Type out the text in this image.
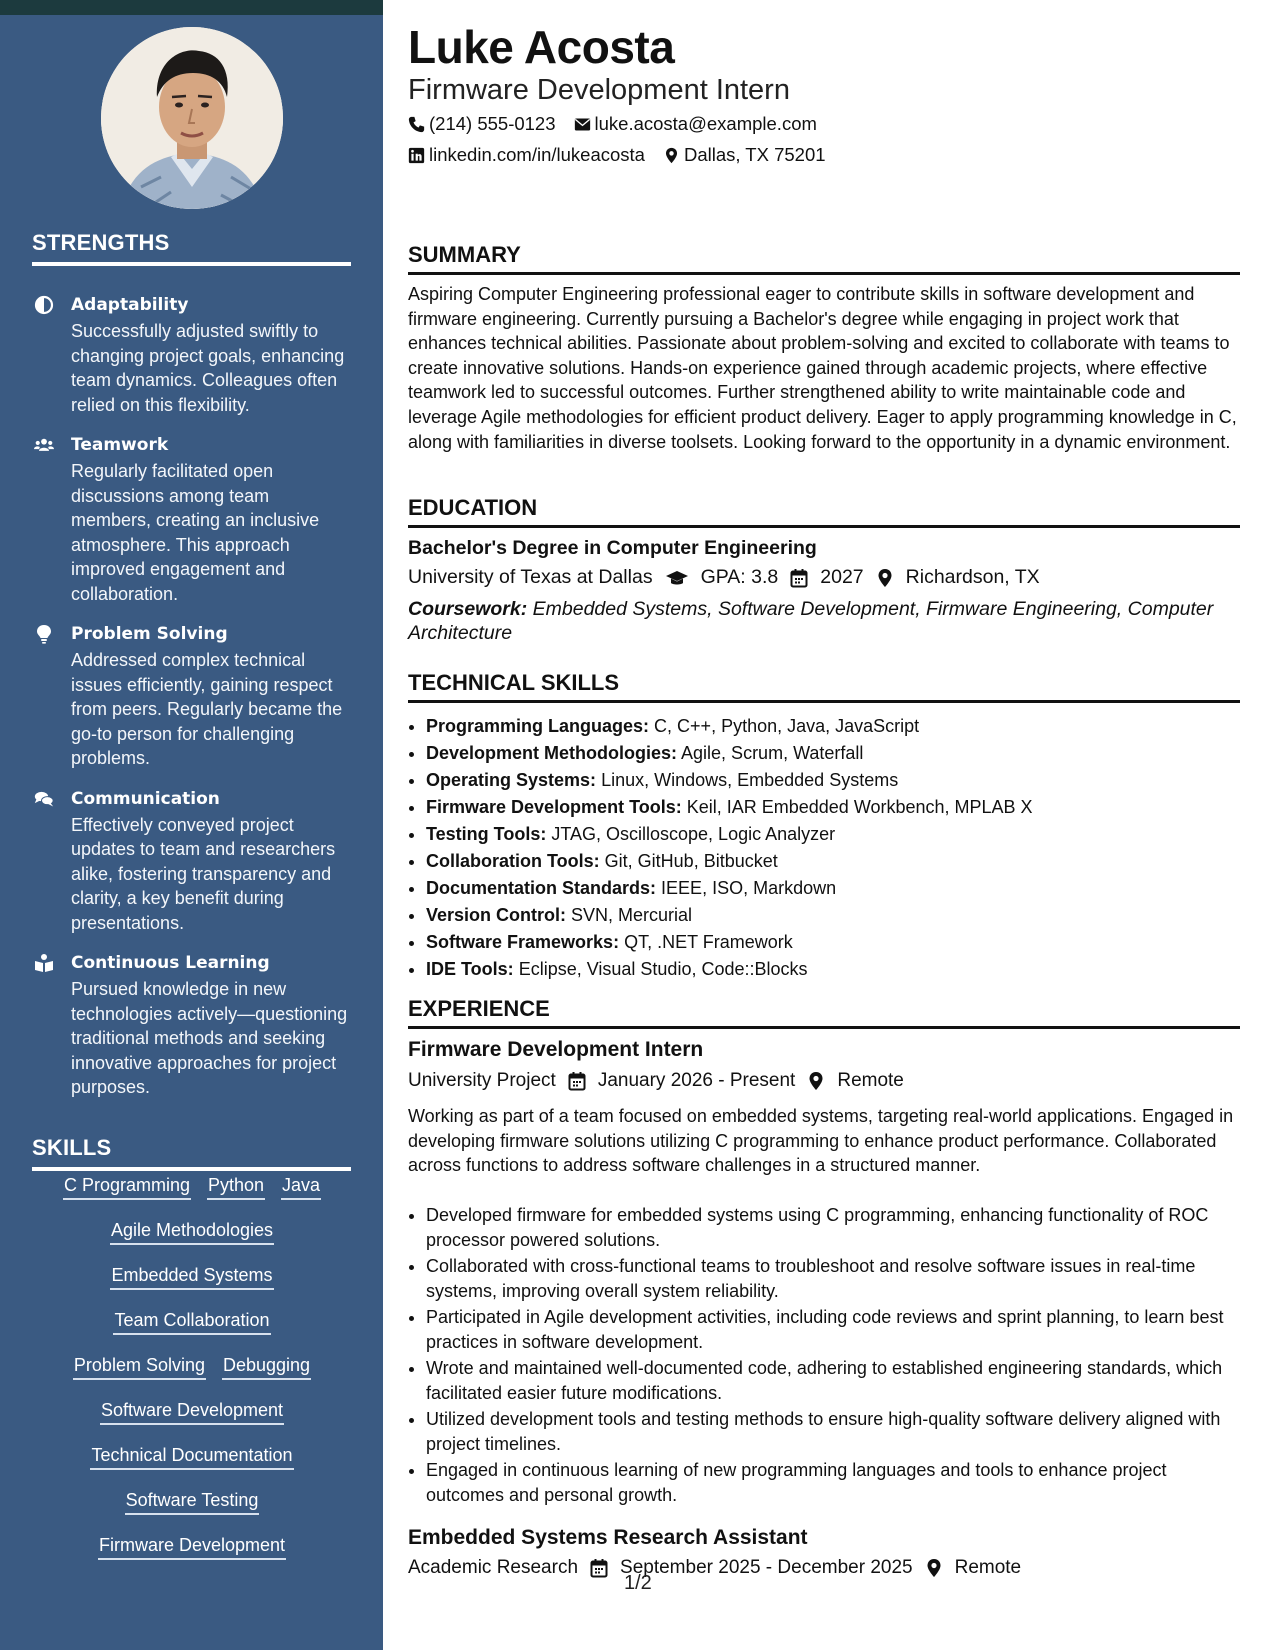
STRENGTHS
Adaptability
Successfully adjusted swiftly to changing project goals, enhancing team dynamics. Colleagues often relied on this flexibility.
Teamwork
Regularly facilitated open discussions among team members, creating an inclusive atmosphere. This approach improved engagement and collaboration.
Problem Solving
Addressed complex technical issues efficiently, gaining respect from peers. Regularly became the go-to person for challenging problems.
Communication
Effectively conveyed project updates to team and researchers alike, fostering transparency and clarity, a key benefit during presentations.
Continuous Learning
Pursued knowledge in new technologies actively—questioning traditional methods and seeking innovative approaches for project purposes.
SKILLS
C Programming Python Java
Agile Methodologies
Embedded Systems
Team Collaboration
Problem Solving Debugging
Software Development
Technical Documentation
Software Testing
Firmware Development
Luke Acosta
Firmware Development Intern
(214) 555-0123 luke.acosta@example.com
linkedin.com/in/lukeacosta Dallas, TX 75201
SUMMARY
Aspiring Computer Engineering professional eager to contribute skills in software development and firmware engineering. Currently pursuing a Bachelor's degree while engaging in project work that enhances technical abilities. Passionate about problem-solving and excited to collaborate with teams to create innovative solutions. Hands-on experience gained through academic projects, where effective teamwork led to successful outcomes. Further strengthened ability to write maintainable code and leverage Agile methodologies for efficient product delivery. Eager to apply programming knowledge in C, along with familiarities in diverse toolsets. Looking forward to the opportunity in a dynamic environment.
EDUCATION
Bachelor's Degree in Computer Engineering
University of Texas at Dallas GPA: 3.8 2027 Richardson, TX
Coursework: Embedded Systems, Software Development, Firmware Engineering, Computer Architecture
TECHNICAL SKILLS
• Programming Languages: C, C++, Python, Java, JavaScript
• Development Methodologies: Agile, Scrum, Waterfall
• Operating Systems: Linux, Windows, Embedded Systems
• Firmware Development Tools: Keil, IAR Embedded Workbench, MPLAB X
• Testing Tools: JTAG, Oscilloscope, Logic Analyzer
• Collaboration Tools: Git, GitHub, Bitbucket
• Documentation Standards: IEEE, ISO, Markdown
• Version Control: SVN, Mercurial
• Software Frameworks: QT, .NET Framework
• IDE Tools: Eclipse, Visual Studio, Code::Blocks
EXPERIENCE
Firmware Development Intern
University Project January 2026 - Present Remote
Working as part of a team focused on embedded systems, targeting real-world applications. Engaged in developing firmware solutions utilizing C programming to enhance product performance. Collaborated across functions to address software challenges in a structured manner.
• Developed firmware for embedded systems using C programming, enhancing functionality of ROC processor powered solutions.
• Collaborated with cross-functional teams to troubleshoot and resolve software issues in real-time systems, improving overall system reliability.
• Participated in Agile development activities, including code reviews and sprint planning, to learn best practices in software development.
• Wrote and maintained well-documented code, adhering to established engineering standards, which facilitated easier future modifications.
• Utilized development tools and testing methods to ensure high-quality software delivery aligned with project timelines.
• Engaged in continuous learning of new programming languages and tools to enhance project outcomes and personal growth.
Embedded Systems Research Assistant
Academic Research September 2025 - December 2025 Remote
1/2
